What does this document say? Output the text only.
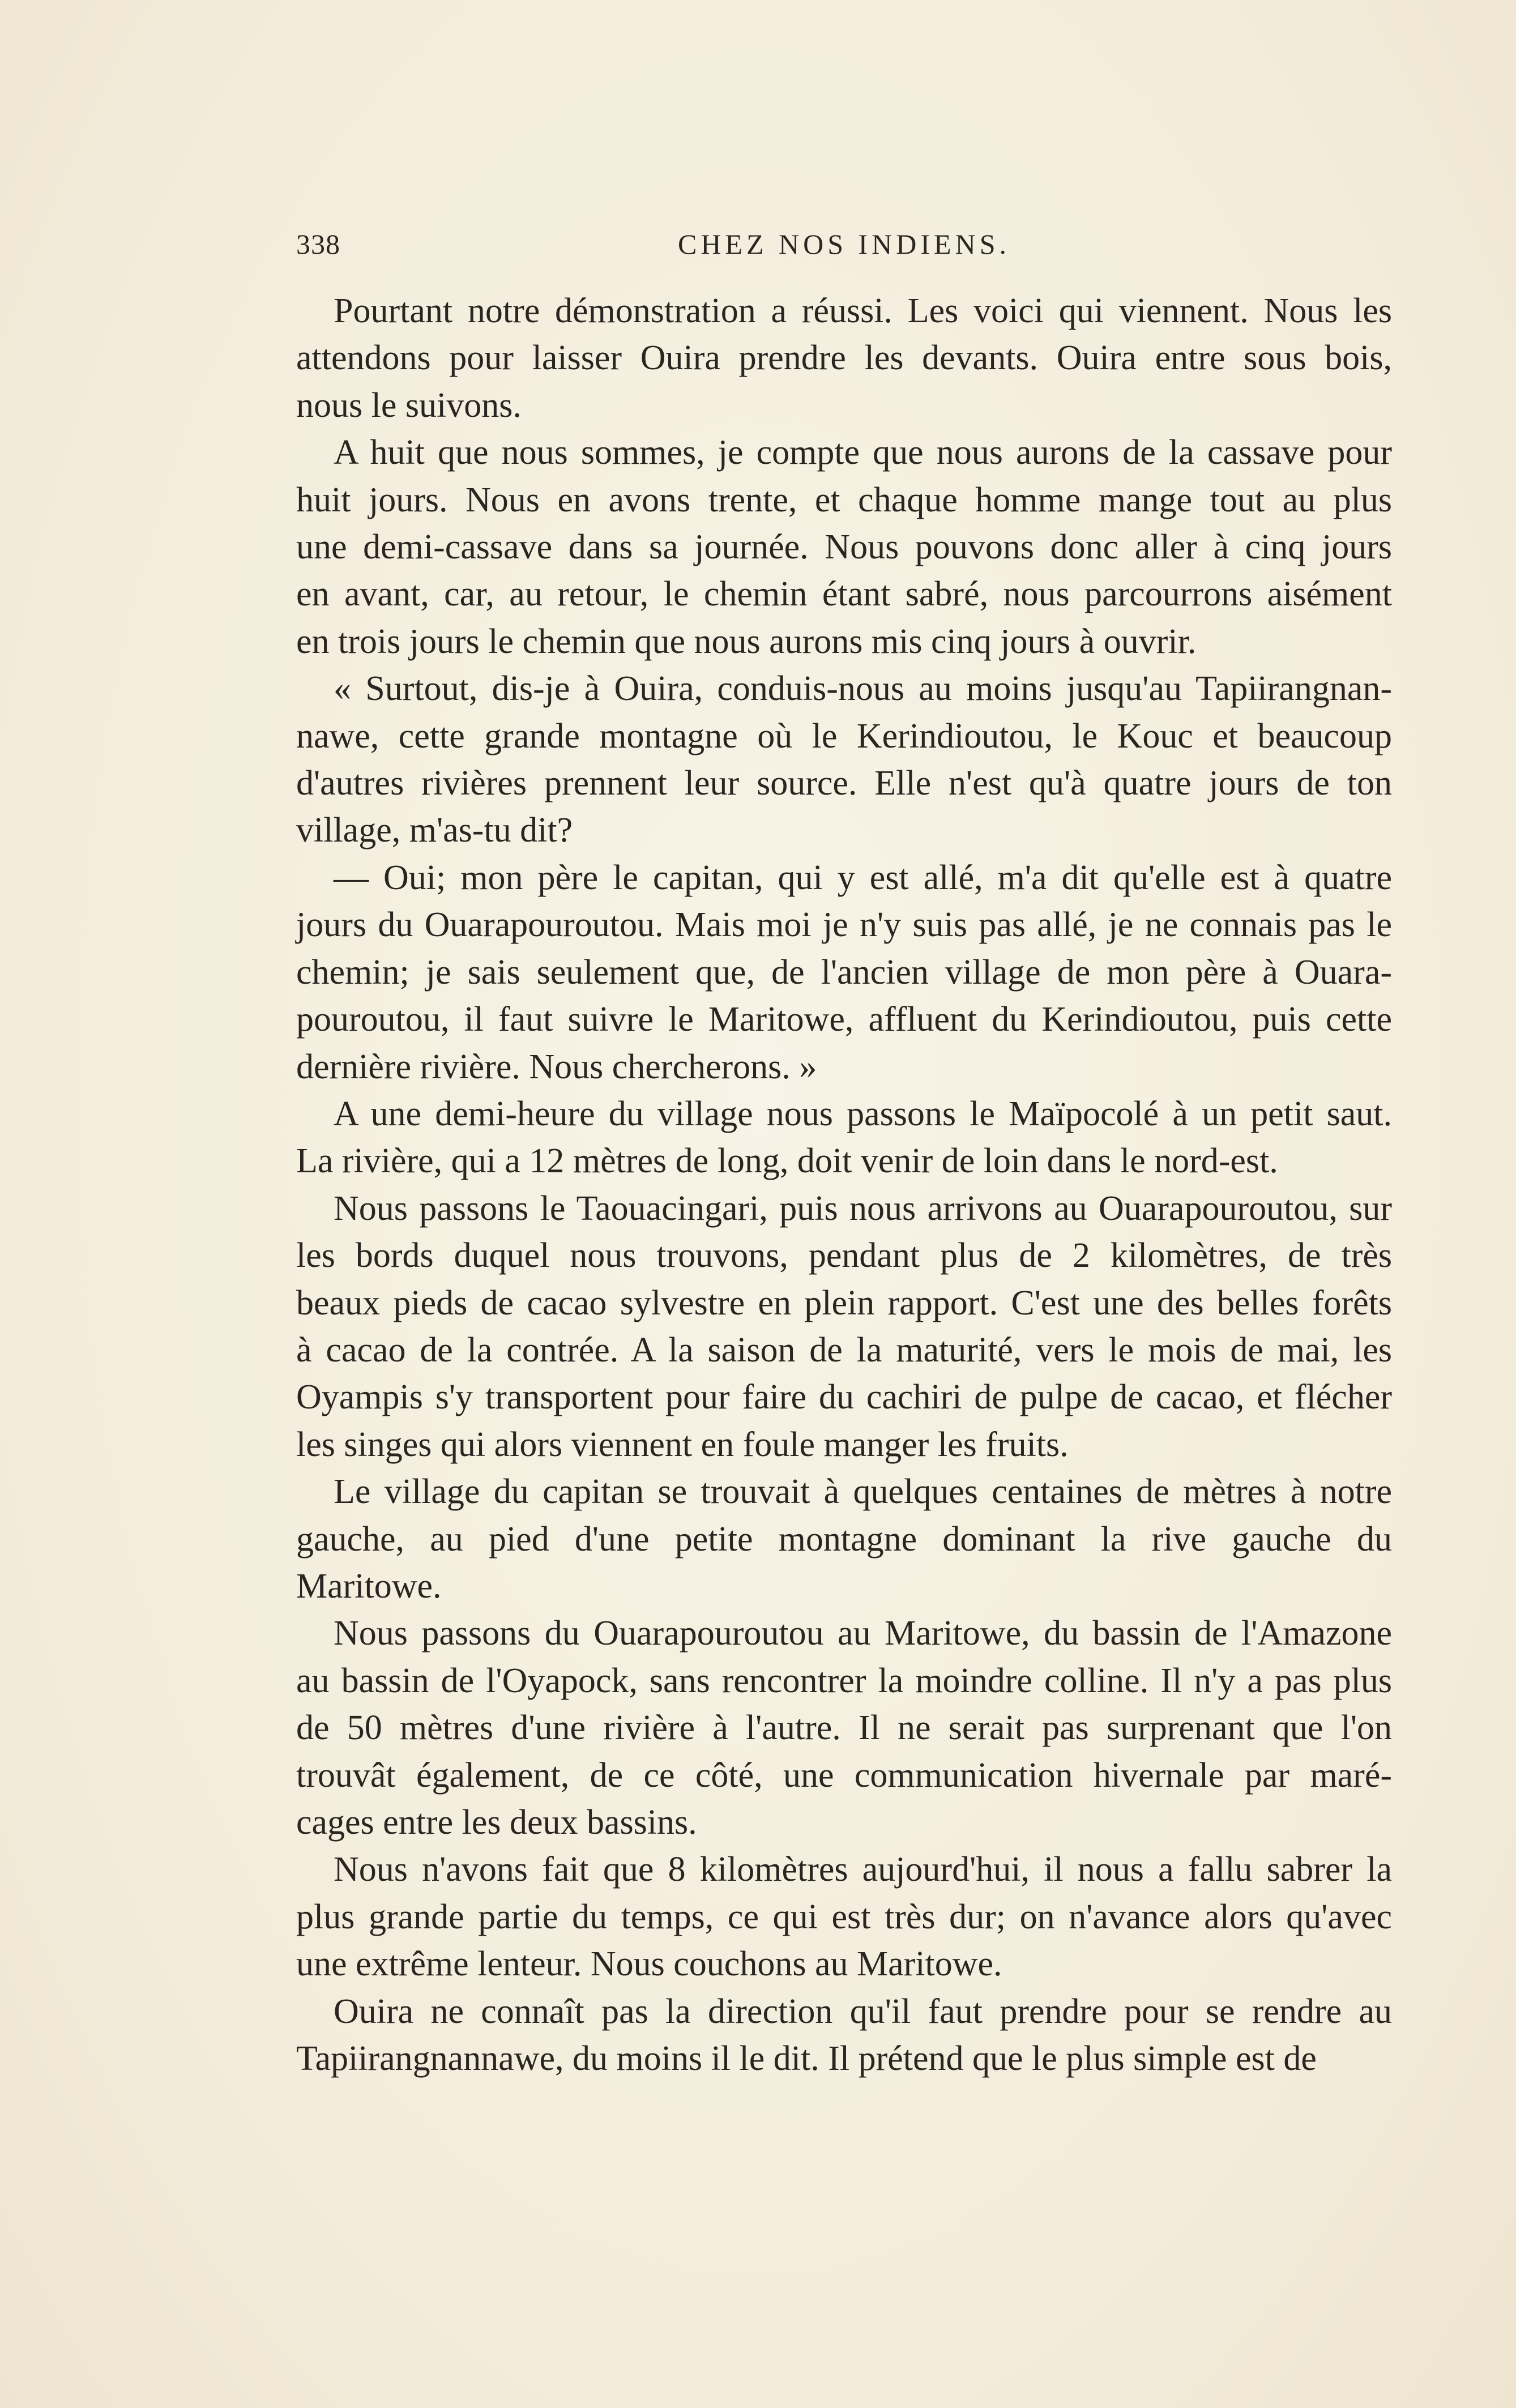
338	CHEZ NOS INDIENS.

Pourtant notre démonstration a réussi. Les voici qui viennent. Nous les
attendons pour laisser Ouira prendre les devants. Ouira entre sous bois,
nous le suivons.

A huit que nous sommes, je compte que nous aurons de la cassave pour
huit jours. Nous en avons trente, et chaque homme mange tout au plus
une demi-cassave dans sa journée. Nous pouvons donc aller à cinq jours
en avant, car, au retour, le chemin étant sabré, nous parcourrons aisément
en trois jours le chemin que nous aurons mis cinq jours à ouvrir.

« Surtout, dis-je à Ouira, conduis-nous au moins jusqu'au Tapiirangnan-
nawe, cette grande montagne où le Kerindioutou, le Kouc et beaucoup
d'autres rivières prennent leur source. Elle n'est qu'à quatre jours de ton
village, m'as-tu dit?

— Oui; mon père le capitan, qui y est allé, m'a dit qu'elle est à quatre
jours du Ouarapouroutou. Mais moi je n'y suis pas allé, je ne connais pas le
chemin; je sais seulement que, de l'ancien village de mon père à Ouara-
pouroutou, il faut suivre le Maritowe, affluent du Kerindioutou, puis cette
dernière rivière. Nous chercherons. »

A une demi-heure du village nous passons le Maïpocolé à un petit saut.
La rivière, qui a 12 mètres de long, doit venir de loin dans le nord-est.

Nous passons le Taouacingari, puis nous arrivons au Ouarapouroutou, sur
les bords duquel nous trouvons, pendant plus de 2 kilomètres, de très
beaux pieds de cacao sylvestre en plein rapport. C'est une des belles forêts
à cacao de la contrée. A la saison de la maturité, vers le mois de mai, les
Oyampis s'y transportent pour faire du cachiri de pulpe de cacao, et flécher
les singes qui alors viennent en foule manger les fruits.

Le village du capitan se trouvait à quelques centaines de mètres à notre
gauche, au pied d'une petite montagne dominant la rive gauche du
Maritowe.

Nous passons du Ouarapouroutou au Maritowe, du bassin de l'Amazone
au bassin de l'Oyapock, sans rencontrer la moindre colline. Il n'y a pas plus
de 50 mètres d'une rivière à l'autre. Il ne serait pas surprenant que l'on
trouvât également, de ce côté, une communication hivernale par maré-
cages entre les deux bassins.

Nous n'avons fait que 8 kilomètres aujourd'hui, il nous a fallu sabrer la
plus grande partie du temps, ce qui est très dur; on n'avance alors qu'avec
une extrême lenteur. Nous couchons au Maritowe.

Ouira ne connaît pas la direction qu'il faut prendre pour se rendre au
Tapiirangnannawe, du moins il le dit. Il prétend que le plus simple est de
